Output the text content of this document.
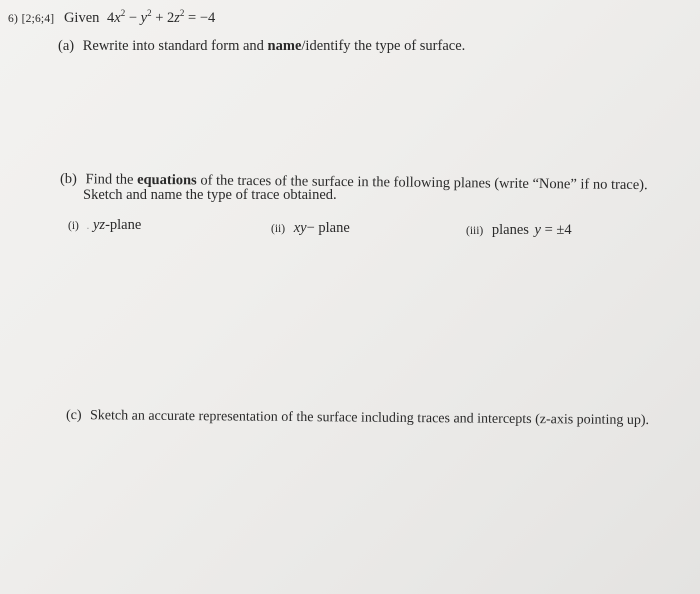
6) [2;6;4] Given $4x^2 - y^2 + 2z^2 = -4$
(a) Rewrite into standard form and name/identify the type of surface.
(b) Find the equations of the traces of the surface in the following planes (write “None” if no trace).
Sketch and name the type of trace obtained.
(i) . yz-plane	(ii) xy− plane	(iii) planes y = ±4
(c) Sketch an accurate representation of the surface including traces and intercepts (z-axis pointing up).
